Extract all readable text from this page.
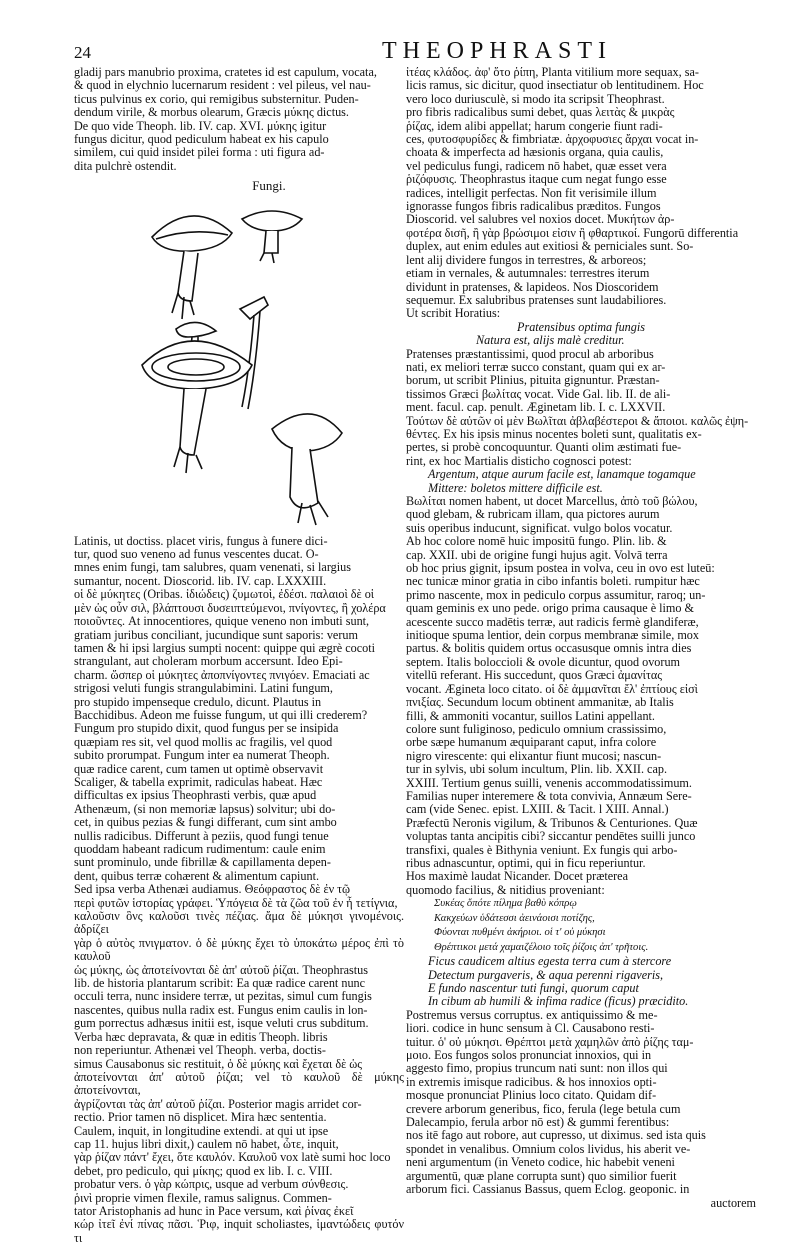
24	THEOPHRASTI
gladij pars manubrio proxima, cratetes id est capulum, vocata,
& quod in elychnio lucernarum resident : vel pileus, vel nau-
ticus pulvinus ex corio, qui remigibus substernitur. Puden-
dendum virile, & morbus olearum, Græcis μύκης dictus.
De quo vide Theoph. lib. IV. cap. XVI. μύκης igitur
fungus dicitur, quod pediculum habeat ex his capulo
similem, cui quid insidet pilei forma : uti figura ad-
dita pulchrè ostendit.
Fungi.
Latinis, ut doctiss. placet viris, fungus à funere dici-
tur, quod suo veneno ad funus vescentes ducat. O-
mnes enim fungi, tam salubres, quam venenati, si largius
sumantur, nocent. Dioscorid. lib. IV. cap. LXXXIII.
οἱ δὲ μύκητες (Oribas. ἰδιώδεις) ζυμωτοὶ, ἐδέσι. παλαιοὶ δὲ οἱ
μὲν ὡς οὖν σιλ, βλάπτουσι δυσειπτεύμενοι, πνίγοντες, ἢ χολέρα
ποιοῦντες. At innocentiores, quique veneno non imbuti sunt,
gratiam juribus conciliant, jucundique sunt saporis: verum
tamen & hi ipsi largius sumpti nocent: quippe qui ægrè cocoti
strangulant, aut choleram morbum accersunt. Ideo Epi-
charm. ὥσπερ οἱ μύκητες ἀποπνίγοντες πνιγόεν. Emaciati ac
strigosi veluti fungis strangulabimini. Latini fungum,
pro stupido impenseque credulo, dicunt. Plautus in
Bacchidibus. Adeon me fuisse fungum, ut qui illi crederem?
Fungum pro stupido dixit, quod fungus per se insipida
quæpiam res sit, vel quod mollis ac fragilis, vel quod
subito prorumpat. Fungum inter ea numerat Theoph.
quæ radice carent, cum tamen ut optimè observavit
Scaliger, & tabella exprimit, radiculas habeat. Hæc
difficultas ex ipsius Theophrasti verbis, quæ apud
Athenæum, (si non memoriæ lapsus) solvitur; ubi do-
cet, in quibus pezias & fungi differant, cum sint ambo
nullis radicibus. Differunt à peziis, quod fungi tenue
quoddam habeant radicum rudimentum: caule enim
sunt prominulo, unde fibrillæ & capillamenta depen-
dent, quibus terræ cohærent & alimentum capiunt.
Sed ipsa verba Athenæi audiamus. Θεόφραστος δὲ ἐν τῷ
περὶ φυτῶν ἱστορίας γράφει. Ὑπόγεια δὲ τὰ ζῶα τοῦ ἐν ἦ τετίγνια,
καλοῦσιν ὃνς καλοῦσι τινὲς πέζιας. ἄμα δὲ μύκησι γινομένοις. ἀδρίζει
γὰρ ὁ αὐτὸς πνιγματον. ὁ δὲ μύκης ἔχει τὸ ὑποκάτω μέρος ἐπὶ τὸ καυλοῦ
ὡς μύκης, ὡς ἀποτείνονται δὲ ἀπ' αὐτοῦ ῥίζαι. Theophrastus
lib. de historia plantarum scribit: Ea quæ radice carent nunc
occuli terra, nunc insidere terræ, ut pezitas, simul cum fungis
nascentes, quibus nulla radix est. Fungus enim caulis in lon-
gum porrectus adhæsus initii est, isque veluti crus subditum.
Verba hæc depravata, & quæ in editis Theoph. libris
non reperiuntur. Athenæi vel Theoph. verba, doctis-
simus Causabonus sic restituit, ὁ δὲ μύκης καὶ ἔχεται δὲ ὡς
ἀποτείνονται ἀπ' αὐτοῦ ῥίζαι; vel τὸ καυλοῦ δὲ μύκης ἀποτείνονται,
ἀγρίζονται τὰς ἀπ' αὐτοῦ ῥίζαι. Posterior magis arridet cor-
rectio. Prior tamen nō displicet. Mira hæc sententia.
Caulem, inquit, in longitudine extendi. at qui ut ipse
cap 11. hujus libri dixit,) caulem nō habet, ὧτε, inquit,
γὰρ ῥίζαν πάντ' ἔχει, ὅτε καυλόν. Καυλοῦ vox latè sumi hoc loco
debet, pro pediculo, qui μίκης; quod ex lib. I. c. VIII.
probatur vers. ὁ γὰρ κώπρις, usque ad verbum σύνθεσις.
ῥινὶ proprie vimen flexile, ramus salignus. Commen-
tator Aristophanis ad hunc in Pace versum, καὶ ῥίνας ἐκεῖ
κώρ ἰτεῖ ἐνί πίνας πᾶσι. Ῥιφ, inquit scholiastes, ἱμαντώδεις φυτόν τι
ἰτέας κλάδος. ἀφ' ὅτο ῥίπη, Planta vitilium more sequax, sa-
licis ramus, sic dicitur, quod insectiatur ob lentitudinem. Hoc
vero loco duriusculè, si modo ita scripsit Theophrast.
pro fibris radicalibus sumi debet, quas λειτὰς & μικρὰς
ῥίζας, idem alibi appellat; harum congerie fiunt radi-
ces, φυτοσφυρίδες & fimbriatæ. ἀρχοφυσιες ἄρχαι vocat in-
choata & imperfecta ad hæsionis organa, quia caulis,
vel pediculus fungi, radicem nō habet, quæ esset vera
ῥιζόφυσις. Theophrastus itaque cum negat fungo esse
radices, intelligit perfectas. Non fit verisimile illum
ignorasse fungos fibris radicalibus præditos. Fungos
Dioscorid. vel salubres vel noxios docet. Μυκήτων ἀρ-
φοτέρα δισῆ, ἢ γὰρ βρώσιμοι εἰσιν ἢ φθαρτικοί. Fungorū differentia
duplex, aut enim edules aut exitiosi & perniciales sunt. So-
lent alij dividere fungos in terrestres, & arboreos;
etiam in vernales, & autumnales: terrestres iterum
dividunt in pratenses, & lapideos. Nos Dioscoridem
sequemur. Ex salubribus pratenses sunt laudabiliores.
Ut scribit Horatius:
Pratensibus optima fungis
Natura est, alijs malè creditur.
Pratenses præstantissimi, quod procul ab arboribus
nati, ex meliori terræ succo constant, quam qui ex ar-
borum, ut scribit Plinius, pituita gignuntur. Præstan-
tissimos Græci βωλίτας vocat. Vide Gal. lib. II. de ali-
ment. facul. cap. penult. Æginetam lib. I. c. LXXVII.
Τούτων δὲ αὐτῶν οἱ μὲν Βωλῖται ἀβλαβέστεροι & ἄποιοι. καλῶς ἐψη-
θέντες. Ex his ipsis minus nocentes boleti sunt, qualitatis ex-
pertes, si probè concoquuntur. Quanti olim æstimati fue-
rint, ex hoc Martialis disticho cognosci potest:
Argentum, atque aurum facile est, lanamque togamque
Mittere: boletos mittere difficile est.
Βωλίται nomen habent, ut docet Marcellus, ἀπὸ τοῦ βώλου,
quod glebam, & rubricam illam, qua pictores aurum
suis operibus inducunt, significat. vulgo bolos vocatur.
Ab hoc colore nomē huic impositū fungo. Plin. lib. &
cap. XXII. ubi de origine fungi hujus agit. Volvā terra
ob hoc prius gignit, ipsum postea in volva, ceu in ovo est luteū:
nec tunicæ minor gratia in cibo infantis boleti. rumpitur hæc
primo nascente, mox in pediculo corpus assumitur, raroq; un-
quam geminis ex uno pede. origo prima causaque è limo &
acescente succo madētis terræ, aut radicis fermè glandiferæ,
initioque spuma lentior, dein corpus membranæ simile, mox
partus. & bolitis quidem ortus occasusque omnis intra dies
septem. Italis boloccioli & ovole dicuntur, quod ovorum
vitellū referant. His succedunt, quos Græci ἀμανίτας
vocant. Ægineta loco citato. οἱ δὲ ἀμμανῖται ἔλ' ἐπτίους εἰσὶ
πνιξίας. Secundum locum obtinent ammanitæ, ab Italis
filli, & ammoniti vocantur, suillos Latini appellant.
colore sunt fuliginoso, pediculo omnium crassissimo,
orbe sæpe humanum æquiparant caput, infra colore
nigro virescente: qui elixantur fiunt mucosi; nascun-
tur in sylvis, ubi solum incultum, Plin. lib. XXII. cap.
XXIII. Tertium genus suilli, venenis accommodatissimum.
Familias nuper interemere & tota convivia, Annæum Sere-
cam (vide Senec. epist. LXIII. & Tacit. l XIII. Annal.)
Præfectū Neronis vigilum, & Tribunos & Centuriones. Quæ
voluptas tanta ancipitis cibi? siccantur pendētes suilli junco
transfixi, quales è Bithynia veniunt. Ex fungis qui arbo-
ribus adnascuntur, optimi, qui in ficu reperiuntur.
Hos maximè laudat Nicander. Docet præterea
quomodo facilius, & nitidius proveniant:
Συκέας ὅπότε πίλημα βαθὺ κόπρῳ
Κακχεύων ὑδάτεσσι ἀεινάοισι ποτίζης,
Φύονται πυθμένι ἀκήριοι. οἱ τ' οὐ μύκησι
Θρέπτικοι μετά χαμαιζέλοιο τοῖς ῥίζοις ἀπ' τρῆτοις.
Ficus caudicem altius egesta terra cum à stercore
Detectum purgaveris, & aqua perenni rigaveris,
E fundo nascentur tuti fungi, quorum caput
In cibum ab humili & infima radice (ficus) præcidito.
Postremus versus corruptus. ex antiquissimo & me-
liori. codice in hunc sensum à Cl. Causabono resti-
tuitur. ὁ' οὐ μύκησι. Θρέπτοι μετὰ χαμηλῶν ἀπὸ ῥίζης ταμ-
μοιο. Eos fungos solos pronunciat innoxios, qui in
aggesto fimo, propius truncum nati sunt: non illos qui
in extremis imisque radicibus. & hos innoxios opti-
mosque pronunciat Plinius loco citato. Quidam dif-
crevere arborum generibus, fico, ferula (lege betula cum
Dalecampio, ferula arbor nō est) & gummi ferentibus:
nos itē fago aut robore, aut cupresso, ut diximus. sed ista quis
spondet in venalibus. Omnium colos lividus, his aberit ve-
neni argumentum (in Veneto codice, hic habebit veneni
argumentū, quæ plane corrupta sunt) quo similior fuerit
arborum fici. Cassianus Bassus, quem Eclog. geoponic. in
auctorem
